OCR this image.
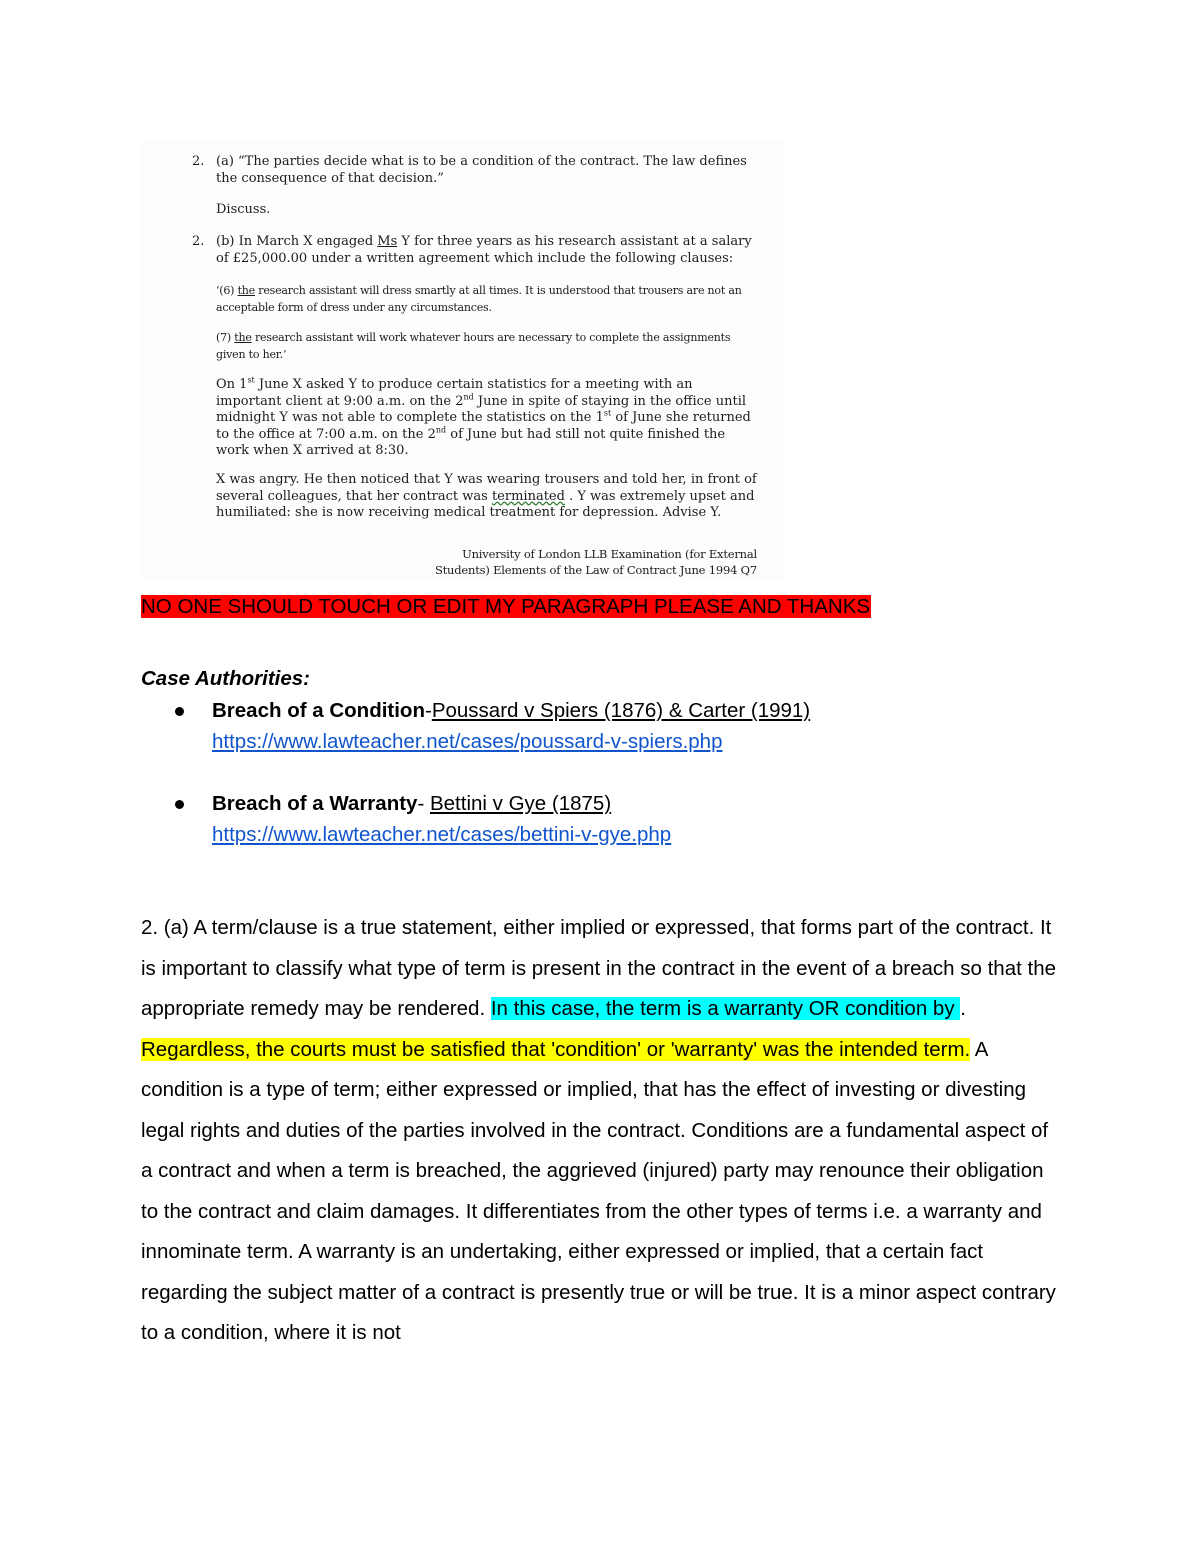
2. (a) “The parties decide what is to be a condition of the contract. The law defines the consequence of that decision.”
Discuss.
2. (b) In March X engaged Ms Y for three years as his research assistant at a salary of £25,000.00 under a written agreement which include the following clauses:
‘(6) the research assistant will dress smartly at all times. It is understood that trousers are not an acceptable form of dress under any circumstances.
(7) the research assistant will work whatever hours are necessary to complete the assignments given to her.’
On 1st June X asked Y to produce certain statistics for a meeting with an important client at 9:00 a.m. on the 2nd June in spite of staying in the office until midnight Y was not able to complete the statistics on the 1st of June she returned to the office at 7:00 a.m. on the 2nd of June but had still not quite finished the work when X arrived at 8:30.
X was angry. He then noticed that Y was wearing trousers and told her, in front of several colleagues, that her contract was terminated . Y was extremely upset and humiliated: she is now receiving medical treatment for depression. Advise Y.
University of London LLB Examination (for External
Students) Elements of the Law of Contract June 1994 Q7
NO ONE SHOULD TOUCH OR EDIT MY PARAGRAPH PLEASE AND THANKS
Case Authorities:
Breach of a Condition-Poussard v Spiers (1876) & Carter (1991)
https://www.lawteacher.net/cases/poussard-v-spiers.php
Breach of a Warranty- Bettini v Gye (1875)
https://www.lawteacher.net/cases/bettini-v-gye.php
2. (a) A term/clause is a true statement, either implied or expressed, that forms part of the contract. It is important to classify what type of term is present in the contract in the event of a breach so that the appropriate remedy may be rendered. In this case, the term is a warranty OR condition by . Regardless, the courts must be satisfied that 'condition' or 'warranty' was the intended term. A condition is a type of term; either expressed or implied, that has the effect of investing or divesting legal rights and duties of the parties involved in the contract. Conditions are a fundamental aspect of a contract and when a term is breached, the aggrieved (injured) party may renounce their obligation to the contract and claim damages. It differentiates from the other types of terms i.e. a warranty and innominate term. A warranty is an undertaking, either expressed or implied, that a certain fact regarding the subject matter of a contract is presently true or will be true. It is a minor aspect contrary to a condition, where it is not
